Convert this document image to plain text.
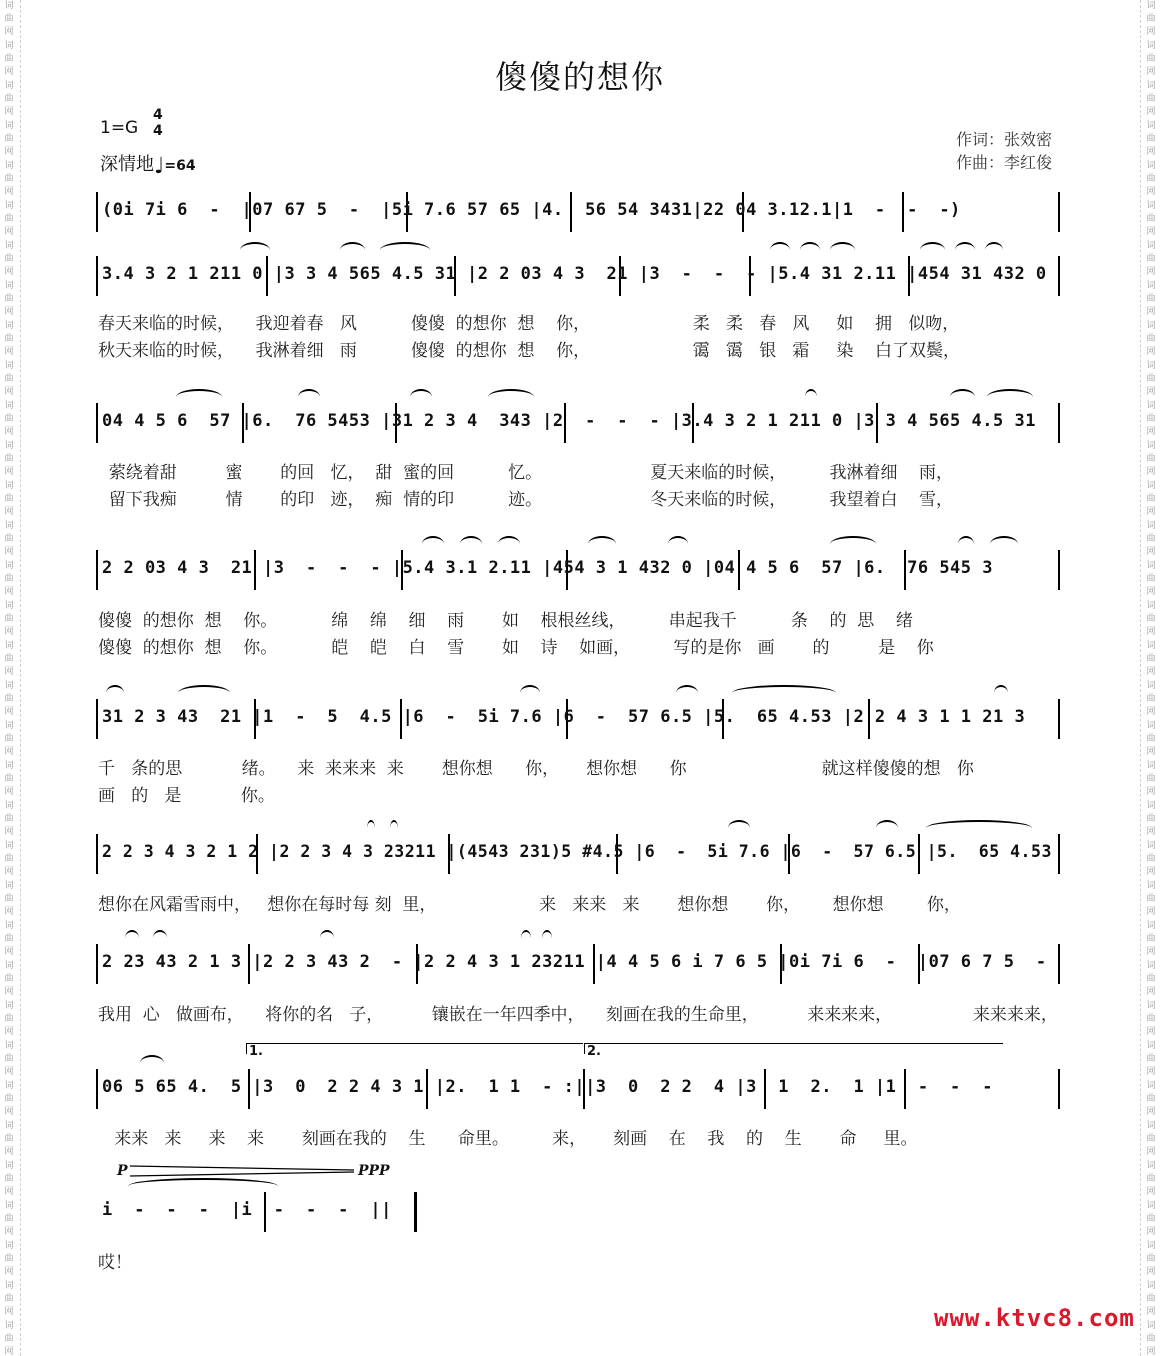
词
曲
网
词
曲
网
词
曲
网
词
曲
网
词
曲
网
词
曲
网
词
曲
网
词
曲
网
词
曲
网
词
曲
网
词
曲
网
词
曲
网
词
曲
网
词
曲
网
词
曲
网
词
曲
网
词
曲
网
词
曲
网
词
曲
网
词
曲
网
词
曲
网
词
曲
网
词
曲
网
词
曲
网
词
曲
网
词
曲
网
词
曲
网
词
曲
网
词
曲
网
词
曲
网
词
曲
网
词
曲
网
词
曲
网
词
曲
网
词
曲
网
词
曲
网
词
曲
网
词
曲
网
词
曲
网
词
曲
网
词
曲
网
词
曲
网
词
曲
网
词
曲
网
词
曲
网
词
曲
网
词
曲
网
词
曲
网
词
曲
网
词
曲
网
词
曲
网
词
曲
网
词
曲
网
词
曲
网
词
曲
网
词
曲
网
词
曲
网
词
曲
网
词
曲
网
词
曲
网
词
曲
网
词
曲
网
词
曲
网
词
曲
网
词
曲
网
词
曲
网
词
曲
网
词
曲
网
傻傻的想你
1=G
4
4
深情地♩=64
作词：张效密
作曲：李红俊
(0i 7i 6  -  |07 67 5  -  |5i 7.6 57 65 |4.  56 54 3431|22 04 3.12.1|1  -  -  -)
3.4 3 2 1 211 0 |3 3 4 565 4.5 31 |2 2 03 4 3  21 |3  -  -  - |5.4 31 2.11 |454 31 432 0
春天来临的时候，    我迎着春   风          傻傻  的想你  想    你，                   柔   柔   春   风     如    拥   似吻，
秋天来临的时候，    我淋着细   雨          傻傻  的想你  想    你，                   霭   霭   银   霜     染    白了双鬓，
04 4 5 6  57 |6.  76 5453 |31 2 3 4  343 |2  -  -  - |3.4 3 2 1 211 0 |3 3 4 565 4.5 31
萦绕着甜         蜜       的回   忆，  甜  蜜的回          忆。                    夏天来临的时候，        我淋着细    雨，
留下我痴         情       的印   迹，  痴  情的印          迹。                    冬天来临的时候，        我望着白    雪，
2 2 03 4 3  21 |3  -  -  - |5.4 3.1 2.11 |454 3 1 432 0 |04 4 5 6  57 |6.  76 545 3
傻傻  的想你  想    你。          绵    绵    细    雨       如    根根丝线，        串起我千          条    的  思    绪
傻傻  的想你  想    你。          皑    皑    白    雪       如    诗    如画，        写的是你   画       的         是    你
31 2 3 43  21 |1  -  5  4.5 |6  -  5i 7.6 |6  -  57 6.5 |5.  65 4.53 |2 2 4 3 1 1 21 3
千   条的思           绪。    来  来来来  来       想你想      你，     想你想      你                         就这样傻傻的想   你
画   的   是           你。
2 2 3 4 3 2 1 2 |2 2 3 4 3 23211 |(4543 231)5 #4.5 |6  -  5i 7.6 |6  -  57 6.5 |5.  65 4.53
想你在风霜雪雨中，   想你在每时每 刻  里，                   来   来来   来       想你想       你，      想你想        你，
2 23 43 2 1 3 |2 2 3 43 2  - |2 2 4 3 1 23211 |4 4 5 6 i 7 6 5 |0i 7i 6  -  |07 6 7 5  -
我用  心   做画布，    将你的名   子，         镶嵌在一年四季中，    刻画在我的生命里，         来来来来，               来来来来，
06 5 65 4.  5 |3  0  2 2 4 3 1 |2.  1 1  - :||3  0  2 2  4 |3  1  2.  1 |1  -  -  -
来来   来     来    来       刻画在我的    生      命里。        来，     刻画    在    我    的    生       命     里。
i  -  -  -  |i  -  -  -  ||
哎！
1.	2.
P	PPP
www.ktvc8.com
